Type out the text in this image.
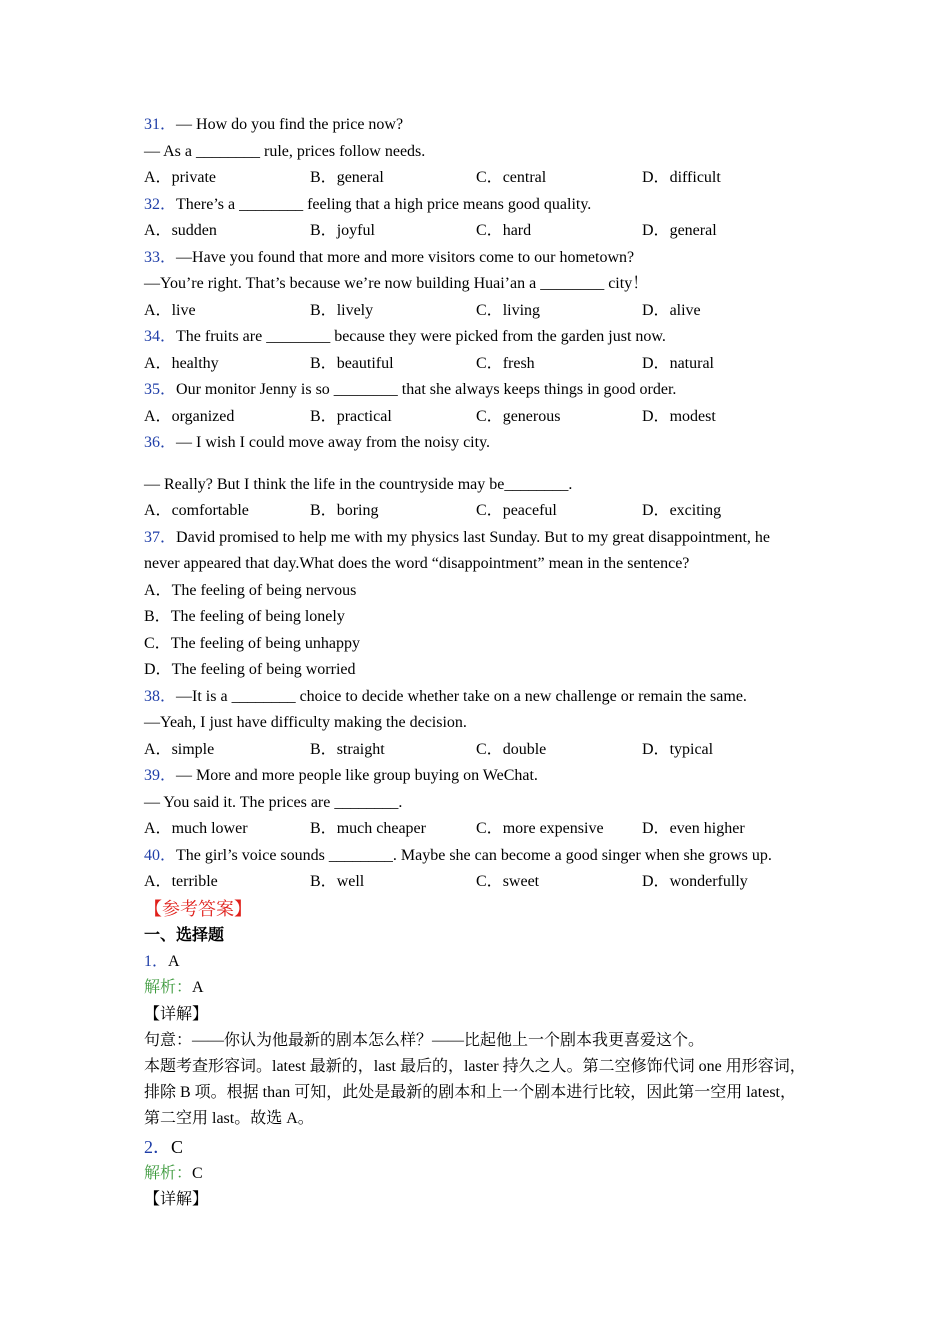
31．— How do you find the price now?
— As a ________ rule, prices follow needs.
A．private	B．general	C．central	D．difficult
32．There’s a ________ feeling that a high price means good quality.
A．sudden	B．joyful	C．hard	D．general
33．—Have you found that more and more visitors come to our hometown?
—You’re right. That’s because we’re now building Huai’an a ________ city！
A．live	B．lively	C．living	D．alive
34．The fruits are ________ because they were picked from the garden just now.
A．healthy	B．beautiful	C．fresh	D．natural
35．Our monitor Jenny is so ________ that she always keeps things in good order.
A．organized	B．practical	C．generous	D．modest
36．— I wish I could move away from the noisy city.
— Really? But I think the life in the countryside may be________.
A．comfortable	B．boring	C．peaceful	D．exciting
37．David promised to help me with my physics last Sunday. But to my great disappointment, he
never appeared that day.What does the word “disappointment” mean in the sentence?
A．The feeling of being nervous
B．The feeling of being lonely
C．The feeling of being unhappy
D．The feeling of being worried
38．—It is a ________ choice to decide whether take on a new challenge or remain the same.
—Yeah, I just have difficulty making the decision.
A．simple	B．straight	C．double	D．typical
39．— More and more people like group buying on WeChat.
— You said it. The prices are ________.
A．much lower	B．much cheaper	C．more expensive	D．even higher
40．The girl’s voice sounds ________. Maybe she can become a good singer when she grows up.
A．terrible	B．well	C．sweet	D．wonderfully
【参考答案】
一、选择题
1．A
解析：A
【详解】
句意：——你认为他最新的剧本怎么样？——比起他上一个剧本我更喜爱这个。
本题考查形容词。latest 最新的，last 最后的，laster 持久之人。第二空修饰代词 one 用形容词，排除 B 项。根据 than 可知，此处是最新的剧本和上一个剧本进行比较，因此第一空用 latest，第二空用 last。故选 A。
2．C
解析：C
【详解】
